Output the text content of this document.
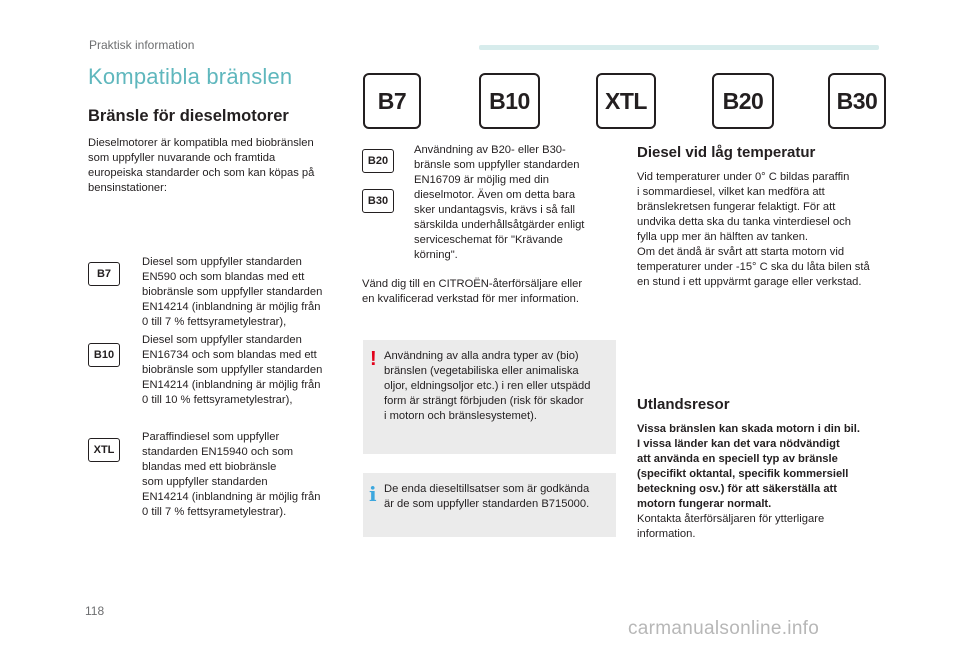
Praktisk information
Kompatibla bränslen
Bränsle för dieselmotorer
Dieselmotorer är kompatibla med biobränslen
som uppfyller nuvarande och framtida
europeiska standarder och som kan köpas på
bensinstationer:
B7
Diesel som uppfyller standarden
EN590 och som blandas med ett
biobränsle som uppfyller standarden
EN14214 (inblandning är möjlig från
0 till 7 % fettsyrametylestrar),
B10
Diesel som uppfyller standarden
EN16734 och som blandas med ett
biobränsle som uppfyller standarden
EN14214 (inblandning är möjlig från
0 till 10 % fettsyrametylestrar),
XTL
Paraffindiesel som uppfyller
standarden EN15940 och som
blandas med ett biobränsle
som uppfyller standarden
EN14214 (inblandning är möjlig från
0 till 7 % fettsyrametylestrar).
B7	B10	XTL	B20	B30
B20
B30
Användning av B20- eller B30-
bränsle som uppfyller standarden
EN16709 är möjlig med din
dieselmotor. Även om detta bara
sker undantagsvis, krävs i så fall
särskilda underhållsåtgärder enligt
serviceschemat för "Krävande
körning".
Vänd dig till en CITROËN-återförsäljare eller
en kvalificerad verkstad för mer information.
! Användning av alla andra typer av (bio)
bränslen (vegetabiliska eller animaliska
oljor, eldningsoljor etc.) i ren eller utspädd
form är strängt förbjuden (risk för skador
i motorn och bränslesystemet).
i De enda dieseltillsatser som är godkända
är de som uppfyller standarden B715000.
Diesel vid låg temperatur
Vid temperaturer under 0° C bildas paraffin
i sommardiesel, vilket kan medföra att
bränslekretsen fungerar felaktigt. För att
undvika detta ska du tanka vinterdiesel och
fylla upp mer än hälften av tanken.
Om det ändå är svårt att starta motorn vid
temperaturer under -15° C ska du låta bilen stå
en stund i ett uppvärmt garage eller verkstad.
Utlandsresor
Vissa bränslen kan skada motorn i din bil.
I vissa länder kan det vara nödvändigt
att använda en speciell typ av bränsle
(specifikt oktantal, specifik kommersiell
beteckning osv.) för att säkerställa att
motorn fungerar normalt.
Kontakta återförsäljaren för ytterligare
information.
118
carmanualsonline.info
